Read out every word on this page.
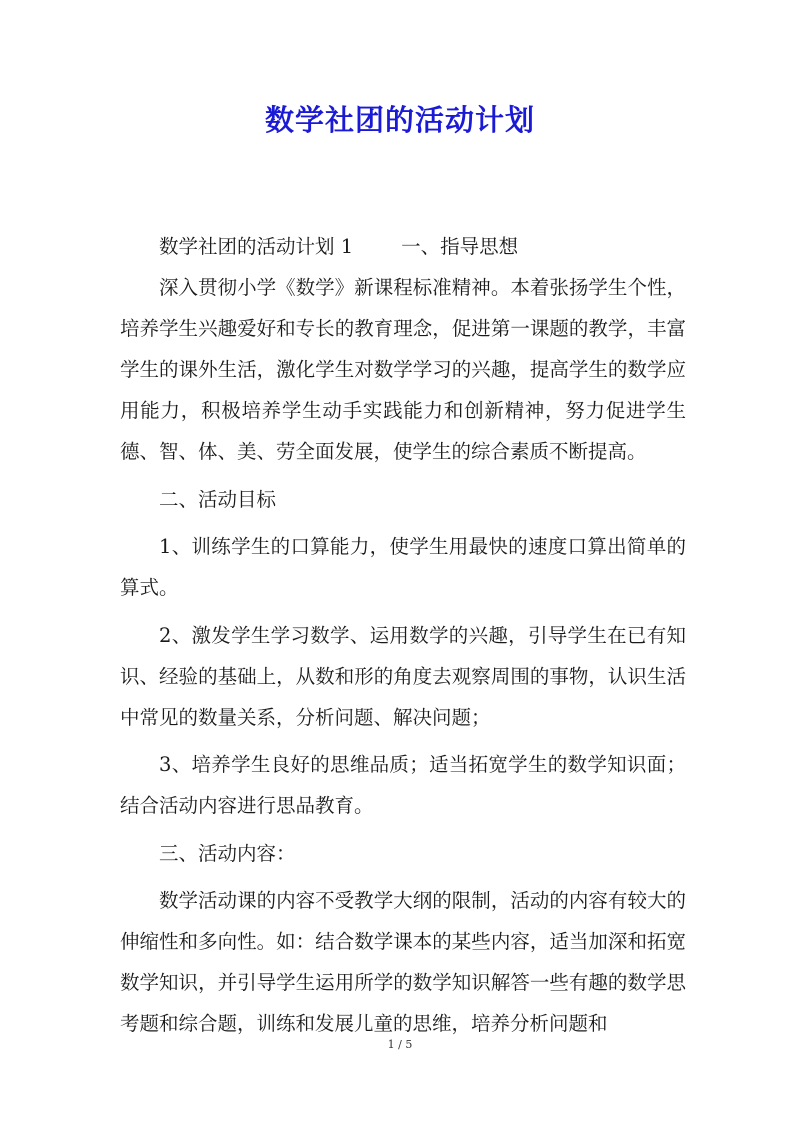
数学社团的活动计划
数学社团的活动计划 1 一、指导思想
深入贯彻小学《数学》新课程标准精神。本着张扬学生个性，培养学生兴趣爱好和专长的教育理念，促进第一课题的教学，丰富学生的课外生活，激化学生对数学学习的兴趣，提高学生的数学应用能力，积极培养学生动手实践能力和创新精神，努力促进学生德、智、体、美、劳全面发展，使学生的综合素质不断提高。
二、活动目标
1、训练学生的口算能力，使学生用最快的速度口算出简单的算式。
2、激发学生学习数学、运用数学的兴趣，引导学生在已有知识、经验的基础上，从数和形的角度去观察周围的事物，认识生活中常见的数量关系，分析问题、解决问题；
3、培养学生良好的思维品质；适当拓宽学生的数学知识面；结合活动内容进行思品教育。
三、活动内容：
数学活动课的内容不受教学大纲的限制，活动的内容有较大的伸缩性和多向性。如：结合数学课本的某些内容，适当加深和拓宽数学知识，并引导学生运用所学的数学知识解答一些有趣的数学思考题和综合题，训练和发展儿童的思维，培养分析问题和
1 / 5
